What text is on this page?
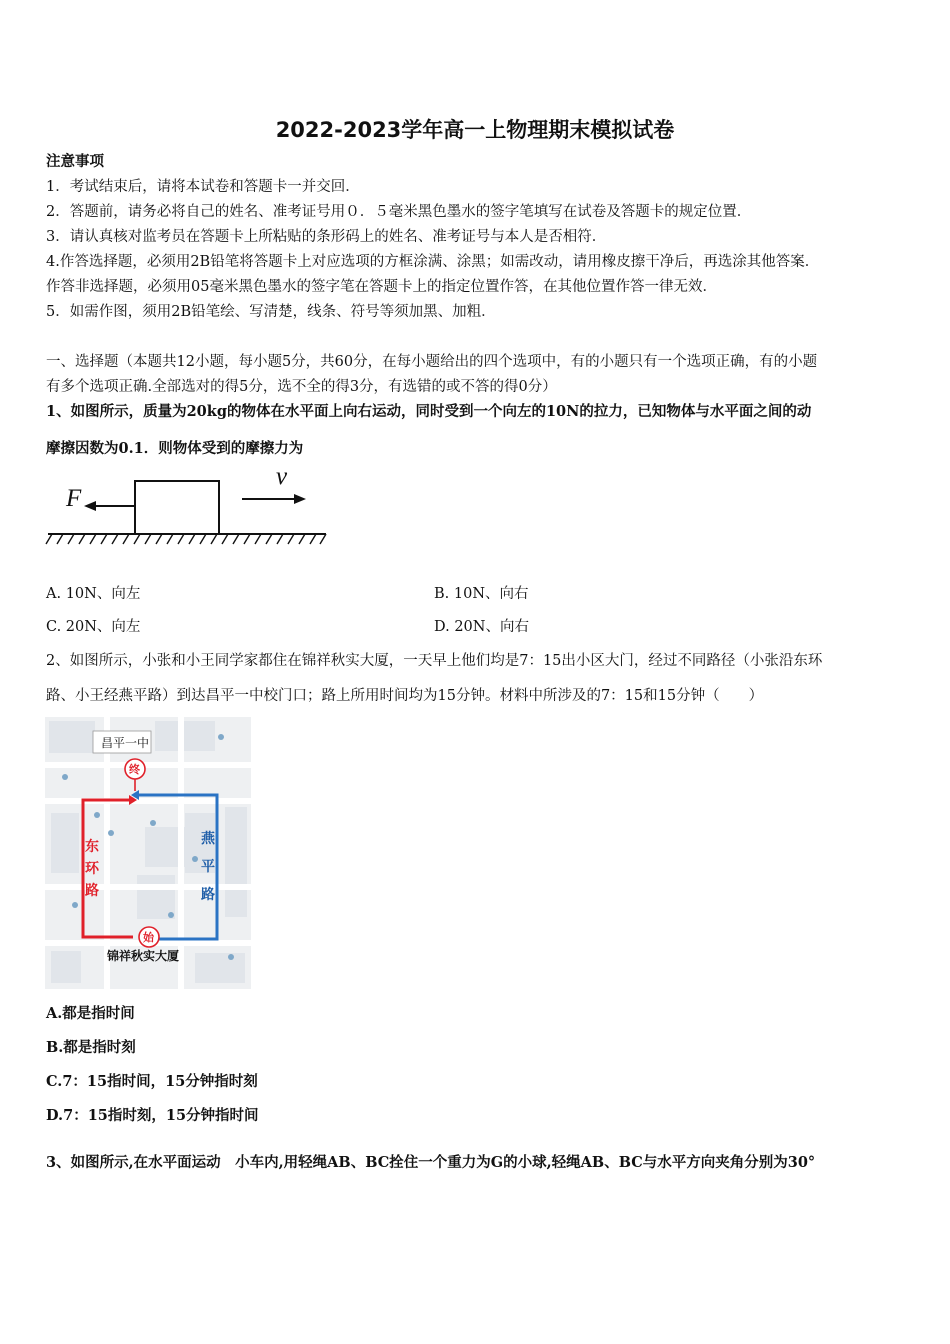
2022-2023学年高一上物理期末模拟试卷
注意事项
1．考试结束后，请将本试卷和答题卡一并交回．
2．答题前，请务必将自己的姓名、准考证号用０．５毫米黑色墨水的签字笔填写在试卷及答题卡的规定位置．
3．请认真核对监考员在答题卡上所粘贴的条形码上的姓名、准考证号与本人是否相符．
4.作答选择题，必须用2B铅笔将答题卡上对应选项的方框涂满、涂黑；如需改动，请用橡皮擦干净后，再选涂其他答案．
作答非选择题，必须用05毫米黑色墨水的签字笔在答题卡上的指定位置作答，在其他位置作答一律无效．
5．如需作图，须用2B铅笔绘、写清楚，线条、符号等须加黑、加粗．
一、选择题（本题共12小题，每小题5分，共60分，在每小题给出的四个选项中，有的小题只有一个选项正确，有的小题
有多个选项正确.全部选对的得5分，选不全的得3分，有选错的或不答的得0分）
1、如图所示，质量为20kg的物体在水平面上向右运动，同时受到一个向左的10N的拉力，已知物体与水平面之间的动
摩擦因数为0.1．则物体受到的摩擦力为
F
v
A. 10N、向左	B. 10N、向右
C. 20N、向左	D. 20N、向右
2、如图所示，小张和小王同学家都住在锦祥秋实大厦，一天早上他们均是7：15出小区大门，经过不同路径（小张沿东环
路、小王经燕平路）到达昌平一中校门口；路上所用时间均为15分钟。材料中所涉及的7：15和15分钟（　　）
昌平一中
东
环
路
燕
平
路
终
始
锦祥秋实大厦
A.都是指时间
B.都是指时刻
C.7：15指时间，15分钟指时刻
D.7：15指时刻，15分钟指时间
3、如图所示,在水平面运动　小车内,用轻绳AB、BC拴住一个重力为G的小球,轻绳AB、BC与水平方向夹角分别为30°
